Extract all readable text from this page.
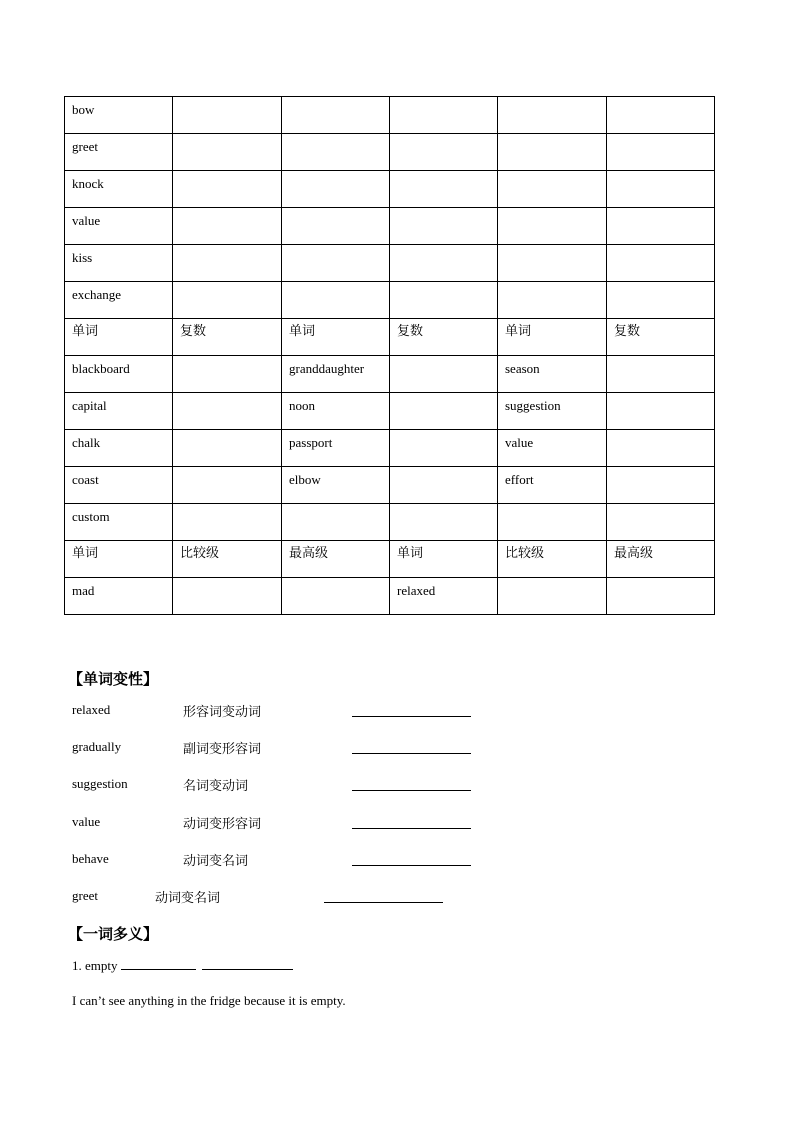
bow					
greet					
knock					
value					
kiss					
exchange					
单词	复数	单词	复数	单词	复数
blackboard		granddaughter		season	
capital		noon		suggestion	
chalk		passport		value	
coast		elbow		effort	
custom					
单词	比较级	最高级	单词	比较级	最高级
mad			relaxed		
【单词变性】
relaxed	形容词变动词
gradually	副词变形容词
suggestion	名词变动词
value	动词变形容词
behave	动词变名词
greet	动词变名词
【一词多义】
1. empty
I can’t see anything in the fridge because it is empty.
